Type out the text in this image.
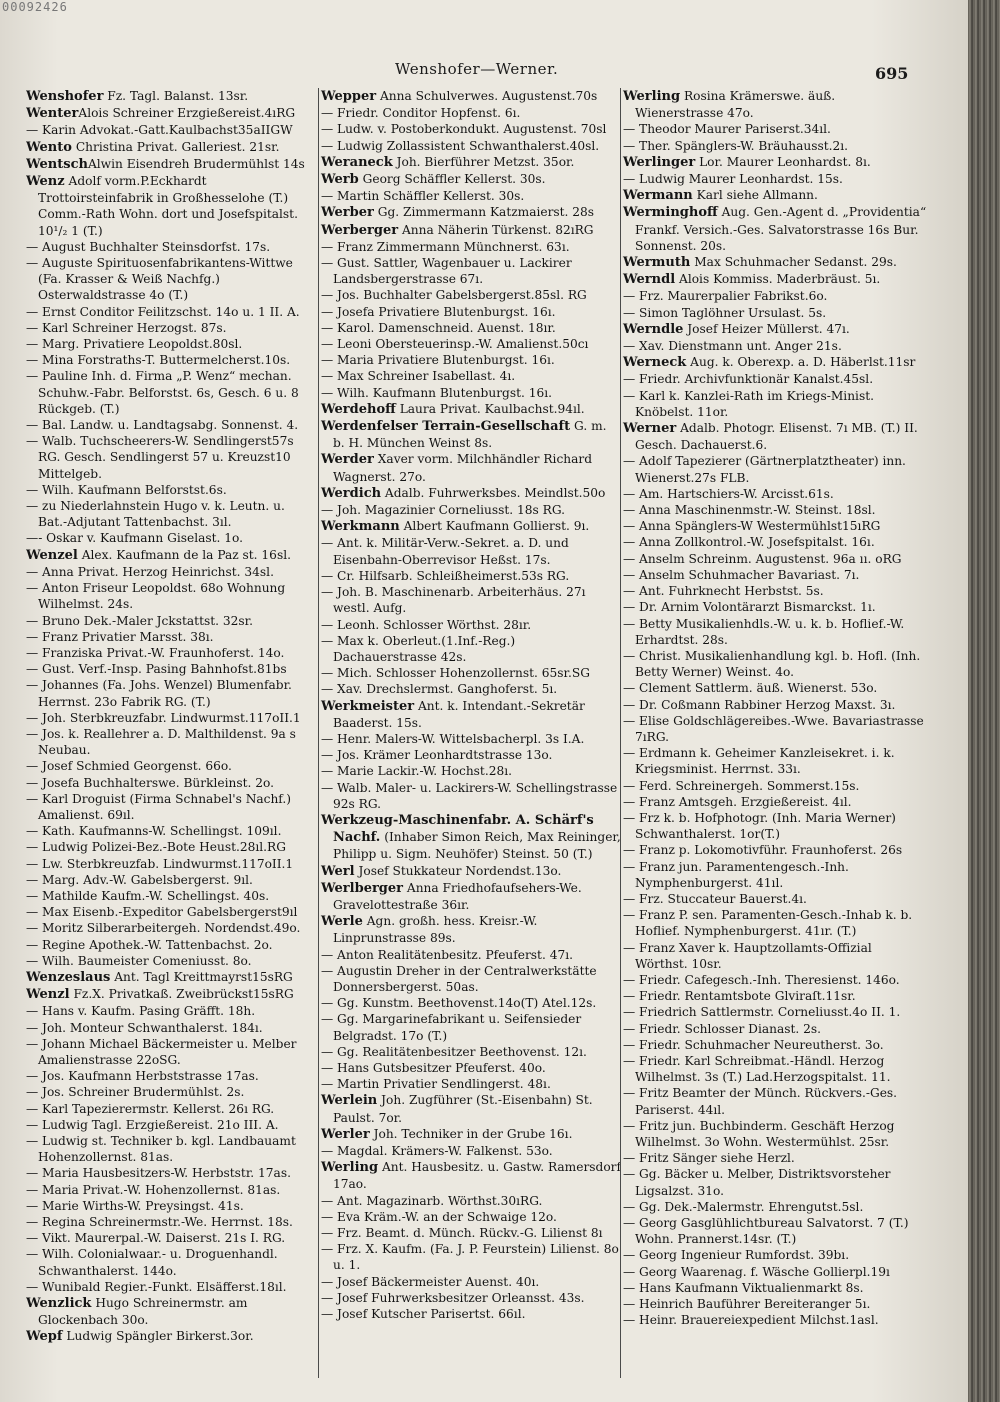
00092426
Wenshofer—Werner.	695
Wenshofer Fz. Tagl. Balanst. 13sr.
WenterAlois Schreiner Erzgießereist.4ıRG
— Karin Advokat.-Gatt.Kaulbachst35aIIGW
Wento Christina Privat. Galleriest. 21sr.
WentschAlwin Eisendreh Brudermühlst 14s
Wenz Adolf vorm.P.Eckhardt Trottoirsteinfabrik in Großhesselohe (T.) Comm.-Rath Wohn. dort und Josefspitalst. 10¹/₂ 1 (T.)
— August Buchhalter Steinsdorfst. 17s.
— Auguste Spirituosenfabrikantens-Wittwe (Fa. Krasser & Weiß Nachfg.) Osterwaldstrasse 4o (T.)
— Ernst Conditor Feilitzschst. 14o u. 1 II. A.
— Karl Schreiner Herzogst. 87s.
— Marg. Privatiere Leopoldst.80sl.
— Mina Forstraths-T. Buttermelcherst.10s.
— Pauline Inh. d. Firma „P. Wenz“ mechan. Schuhw.-Fabr. Belforstst. 6s, Gesch. 6 u. 8 Rückgeb. (T.)
— Bal. Landw. u. Landtagsabg. Sonnenst. 4.
— Walb. Tuchscheerers-W. Sendlingerst57s RG. Gesch. Sendlingerst 57 u. Kreuzst10 Mittelgeb.
— Wilh. Kaufmann Belforstst.6s.
— zu Niederlahnstein Hugo v. k. Leutn. u. Bat.-Adjutant Tattenbachst. 3ıl.
—- Oskar v. Kaufmann Giselast. 1o.
Wenzel Alex. Kaufmann de la Paz st. 16sl.
— Anna Privat. Herzog Heinrichst. 34sl.
— Anton Friseur Leopoldst. 68o Wohnung Wilhelmst. 24s.
— Bruno Dek.-Maler Jckstattst. 32sr.
— Franz Privatier Marsst. 38ı.
— Franziska Privat.-W. Fraunhoferst. 14o.
— Gust. Verf.-Insp. Pasing Bahnhofst.81bs
— Johannes (Fa. Johs. Wenzel) Blumenfabr. Herrnst. 23o Fabrik RG. (T.)
— Joh. Sterbkreuzfabr. Lindwurmst.117oII.1
— Jos. k. Reallehrer a. D. Malthildenst. 9a s Neubau.
— Josef Schmied Georgenst. 66o.
— Josefa Buchhalterswe. Bürkleinst. 2o.
— Karl Droguist (Firma Schnabel's Nachf.) Amalienst. 69ıl.
— Kath. Kaufmanns-W. Schellingst. 109ıl.
— Ludwig Polizei-Bez.-Bote Heust.28ıl.RG
— Lw. Sterbkreuzfab. Lindwurmst.117oII.1
— Marg. Adv.-W. Gabelsbergerst. 9ıl.
— Mathilde Kaufm.-W. Schellingst. 40s.
— Max Eisenb.-Expeditor Gabelsbergerst9ıl
— Moritz Silberarbeitergeh. Nordendst.49o.
— Regine Apothek.-W. Tattenbachst. 2o.
— Wilh. Baumeister Comeniusst. 8o.
Wenzeslaus Ant. Tagl Kreittmayrst15sRG
Wenzl Fz.X. Privatkaß. Zweibrückst15sRG
— Hans v. Kaufm. Pasing Gräfft. 18h.
— Joh. Monteur Schwanthalerst. 184ı.
— Johann Michael Bäckermeister u. Melber Amalienstrasse 22oSG.
— Jos. Kaufmann Herbststrasse 17as.
— Jos. Schreiner Brudermühlst. 2s.
— Karl Tapezierermstr. Kellerst. 26ı RG.
— Ludwig Tagl. Erzgießereist. 21o III. A.
— Ludwig st. Techniker b. kgl. Landbauamt Hohenzollernst. 81as.
— Maria Hausbesitzers-W. Herbststr. 17as.
— Maria Privat.-W. Hohenzollernst. 81as.
— Marie Wirths-W. Preysingst. 41s.
— Regina Schreinermstr.-We. Herrnst. 18s.
— Vikt. Maurerpal.-W. Daiserst. 21s I. RG.
— Wilh. Colonialwaar.- u. Droguenhandl. Schwanthalerst. 144o.
— Wunibald Regier.-Funkt. Elsäfferst.18ıl.
Wenzlick Hugo Schreinermstr. am Glockenbach 30o.
Wepf Ludwig Spängler Birkerst.3or.
Wepper Anna Schulverwes. Augustenst.70s
— Friedr. Conditor Hopfenst. 6ı.
— Ludw. v. Postoberkondukt. Augustenst. 70sl
— Ludwig Zollassistent Schwanthalerst.40sl.
Weraneck Joh. Bierführer Metzst. 35or.
Werb Georg Schäffler Kellerst. 30s.
— Martin Schäffler Kellerst. 30s.
Werber Gg. Zimmermann Katzmaierst. 28s
Werberger Anna Näherin Türkenst. 82ıRG
— Franz Zimmermann Münchnerst. 63ı.
— Gust. Sattler, Wagenbauer u. Lackirer Landsbergerstrasse 67ı.
— Jos. Buchhalter Gabelsbergerst.85sl. RG
— Josefa Privatiere Blutenburgst. 16ı.
— Karol. Damenschneid. Auenst. 18ır.
— Leoni Obersteuerinsp.-W. Amalienst.50cı
— Maria Privatiere Blutenburgst. 16ı.
— Max Schreiner Isabellast. 4ı.
— Wilh. Kaufmann Blutenburgst. 16ı.
Werdehoff Laura Privat. Kaulbachst.94ıl.
Werdenfelser Terrain-Gesellschaft G. m. b. H. München Weinst 8s.
Werder Xaver vorm. Milchhändler Richard Wagnerst. 27o.
Werdich Adalb. Fuhrwerksbes. Meindlst.50o
— Joh. Magazinier Corneliusst. 18s RG.
Werkmann Albert Kaufmann Gollierst. 9ı.
— Ant. k. Militär-Verw.-Sekret. a. D. und Eisenbahn-Oberrevisor Heßst. 17s.
— Cr. Hilfsarb. Schleißheimerst.53s RG.
— Joh. B. Maschinenarb. Arbeiterhäus. 27ı westl. Aufg.
— Leonh. Schlosser Wörthst. 28ır.
— Max k. Oberleut.(1.Inf.-Reg.) Dachauerstrasse 42s.
— Mich. Schlosser Hohenzollernst. 65sr.SG
— Xav. Drechslermst. Ganghoferst. 5ı.
Werkmeister Ant. k. Intendant.-Sekretär Baaderst. 15s.
— Henr. Malers-W. Wittelsbacherpl. 3s I.A.
— Jos. Krämer Leonhardtstrasse 13o.
— Marie Lackir.-W. Hochst.28ı.
— Walb. Maler- u. Lackirers-W. Schellingstrasse 92s RG.
Werkzeug-Maschinenfabr. A. Schärf's Nachf. (Inhaber Simon Reich, Max Reininger, Philipp u. Sigm. Neuhöfer) Steinst. 50 (T.)
Werl Josef Stukkateur Nordendst.13o.
Werlberger Anna Friedhofaufsehers-We. Gravelottestraße 36ır.
Werle Agn. großh. hess. Kreisr.-W. Linprunstrasse 89s.
— Anton Realitätenbesitz. Pfeuferst. 47ı.
— Augustin Dreher in der Centralwerkstätte Donnersbergerst. 50as.
— Gg. Kunstm. Beethovenst.14o(T) Atel.12s.
— Gg. Margarinefabrikant u. Seifensieder Belgradst. 17o (T.)
— Gg. Realitätenbesitzer Beethovenst. 12ı.
— Hans Gutsbesitzer Pfeuferst. 40o.
— Martin Privatier Sendlingerst. 48ı.
Werlein Joh. Zugführer (St.-Eisenbahn) St. Paulst. 7or.
Werler Joh. Techniker in der Grube 16ı.
— Magdal. Krämers-W. Falkenst. 53o.
Werling Ant. Hausbesitz. u. Gastw. Ramersdorf 17ao.
— Ant. Magazinarb. Wörthst.30ıRG.
— Eva Kräm.-W. an der Schwaige 12o.
— Frz. Beamt. d. Münch. Rückv.-G. Lilienst 8ı
— Frz. X. Kaufm. (Fa. J. P. Feurstein) Lilienst. 8o u. 1.
— Josef Bäckermeister Auenst. 40ı.
— Josef Fuhrwerksbesitzer Orleansst. 43s.
— Josef Kutscher Parisertst. 66ıl.
Werling Rosina Krämerswe. äuß. Wienerstrasse 47o.
— Theodor Maurer Pariserst.34ıl.
— Ther. Spänglers-W. Bräuhausst.2ı.
Werlinger Lor. Maurer Leonhardst. 8ı.
— Ludwig Maurer Leonhardst. 15s.
Wermann Karl siehe Allmann.
Werminghoff Aug. Gen.-Agent d. „Providentia“ Frankf. Versich.-Ges. Salvatorstrasse 16s Bur. Sonnenst. 20s.
Wermuth Max Schuhmacher Sedanst. 29s.
Werndl Alois Kommiss. Maderbräust. 5ı.
— Frz. Maurerpalier Fabrikst.6o.
— Simon Taglöhner Ursulast. 5s.
Werndle Josef Heizer Müllerst. 47ı.
— Xav. Dienstmann unt. Anger 21s.
Werneck Aug. k. Oberexp. a. D. Häberlst.11sr
— Friedr. Archivfunktionär Kanalst.45sl.
— Karl k. Kanzlei-Rath im Kriegs-Minist. Knöbelst. 11or.
Werner Adalb. Photogr. Elisenst. 7ı MB. (T.) II. Gesch. Dachauerst.6.
— Adolf Tapezierer (Gärtnerplatztheater) inn. Wienerst.27s FLB.
— Am. Hartschiers-W. Arcisst.61s.
— Anna Maschinenmstr.-W. Steinst. 18sl.
— Anna Spänglers-W Westermühlst15ıRG
— Anna Zollkontrol.-W. Josefspitalst. 16ı.
— Anselm Schreinm. Augustenst. 96a ıı. oRG
— Anselm Schuhmacher Bavariast. 7ı.
— Ant. Fuhrknecht Herbstst. 5s.
— Dr. Arnim Volontärarzt Bismarckst. 1ı.
— Betty Musikalienhdls.-W. u. k. b. Hoflief.-W. Erhardtst. 28s.
— Christ. Musikalienhandlung kgl. b. Hofl. (Inh. Betty Werner) Weinst. 4o.
— Clement Sattlerm. äuß. Wienerst. 53o.
— Dr. Coßmann Rabbiner Herzog Maxst. 3ı.
— Elise Goldschlägereibes.-Wwe. Bavariastrasse 7ıRG.
— Erdmann k. Geheimer Kanzleisekret. i. k. Kriegsminist. Herrnst. 33ı.
— Ferd. Schreinergeh. Sommerst.15s.
— Franz Amtsgeh. Erzgießereist. 4ıl.
— Frz k. b. Hofphotogr. (Inh. Maria Werner) Schwanthalerst. 1or(T.)
— Franz p. Lokomotivführ. Fraunhoferst. 26s
— Franz jun. Paramentengesch.-Inh. Nymphenburgerst. 41ıl.
— Frz. Stuccateur Bauerst.4ı.
— Franz P. sen. Paramenten-Gesch.-Inhab k. b. Hoflief. Nymphenburgerst. 41ır. (T.)
— Franz Xaver k. Hauptzollamts-Offizial Wörthst. 10sr.
— Friedr. Cafegesch.-Inh. Theresienst. 146o.
— Friedr. Rentamtsbote Glviraſt.11sr.
— Friedrich Sattlermstr. Corneliusst.4o II. 1.
— Friedr. Schlosser Dianast. 2s.
— Friedr. Schuhmacher Neureutherst. 3o.
— Friedr. Karl Schreibmat.-Händl. Herzog Wilhelmst. 3s (T.) Lad.Herzogspitalst. 11.
— Fritz Beamter der Münch. Rückvers.-Ges. Pariserst. 44ıl.
— Fritz jun. Buchbinderm. Geschäft Herzog Wilhelmst. 3o Wohn. Westermühlst. 25sr.
— Fritz Sänger siehe Herzl.
— Gg. Bäcker u. Melber, Distriktsvorsteher Ligsalzst. 31o.
— Gg. Dek.-Malermstr. Ehrengutst.5sl.
— Georg Gasglühlichtbureau Salvatorst. 7 (T.) Wohn. Prannerst.14sr. (T.)
— Georg Ingenieur Rumfordst. 39bı.
— Georg Waarenag. f. Wäsche Gollierpl.19ı
— Hans Kaufmann Viktualienmarkt 8s.
— Heinrich Bauführer Bereiteranger 5ı.
— Heinr. Brauereiexpedient Milchst.1asl.
